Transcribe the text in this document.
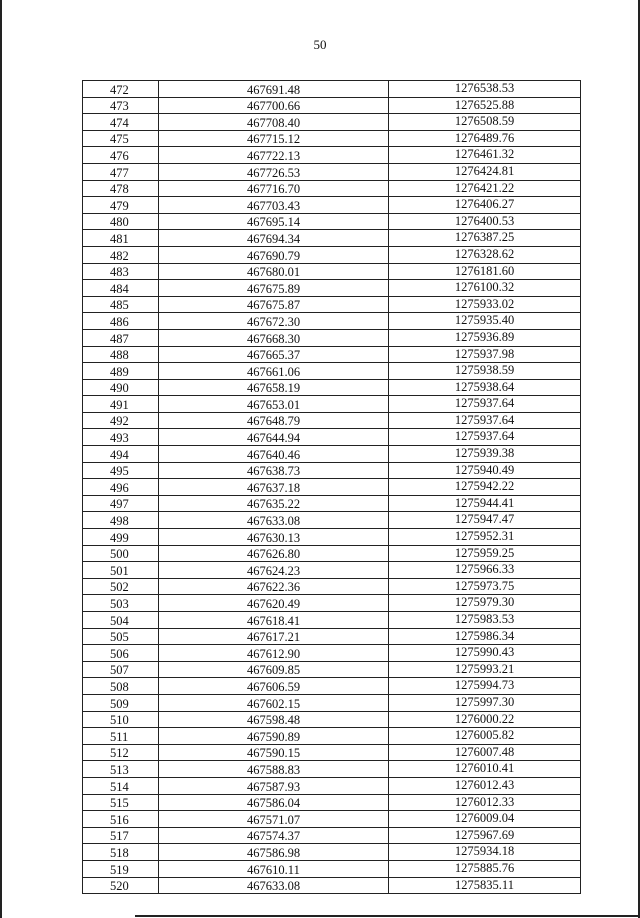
50
472	467691.48	1276538.53
473	467700.66	1276525.88
474	467708.40	1276508.59
475	467715.12	1276489.76
476	467722.13	1276461.32
477	467726.53	1276424.81
478	467716.70	1276421.22
479	467703.43	1276406.27
480	467695.14	1276400.53
481	467694.34	1276387.25
482	467690.79	1276328.62
483	467680.01	1276181.60
484	467675.89	1276100.32
485	467675.87	1275933.02
486	467672.30	1275935.40
487	467668.30	1275936.89
488	467665.37	1275937.98
489	467661.06	1275938.59
490	467658.19	1275938.64
491	467653.01	1275937.64
492	467648.79	1275937.64
493	467644.94	1275937.64
494	467640.46	1275939.38
495	467638.73	1275940.49
496	467637.18	1275942.22
497	467635.22	1275944.41
498	467633.08	1275947.47
499	467630.13	1275952.31
500	467626.80	1275959.25
501	467624.23	1275966.33
502	467622.36	1275973.75
503	467620.49	1275979.30
504	467618.41	1275983.53
505	467617.21	1275986.34
506	467612.90	1275990.43
507	467609.85	1275993.21
508	467606.59	1275994.73
509	467602.15	1275997.30
510	467598.48	1276000.22
511	467590.89	1276005.82
512	467590.15	1276007.48
513	467588.83	1276010.41
514	467587.93	1276012.43
515	467586.04	1276012.33
516	467571.07	1276009.04
517	467574.37	1275967.69
518	467586.98	1275934.18
519	467610.11	1275885.76
520	467633.08	1275835.11
